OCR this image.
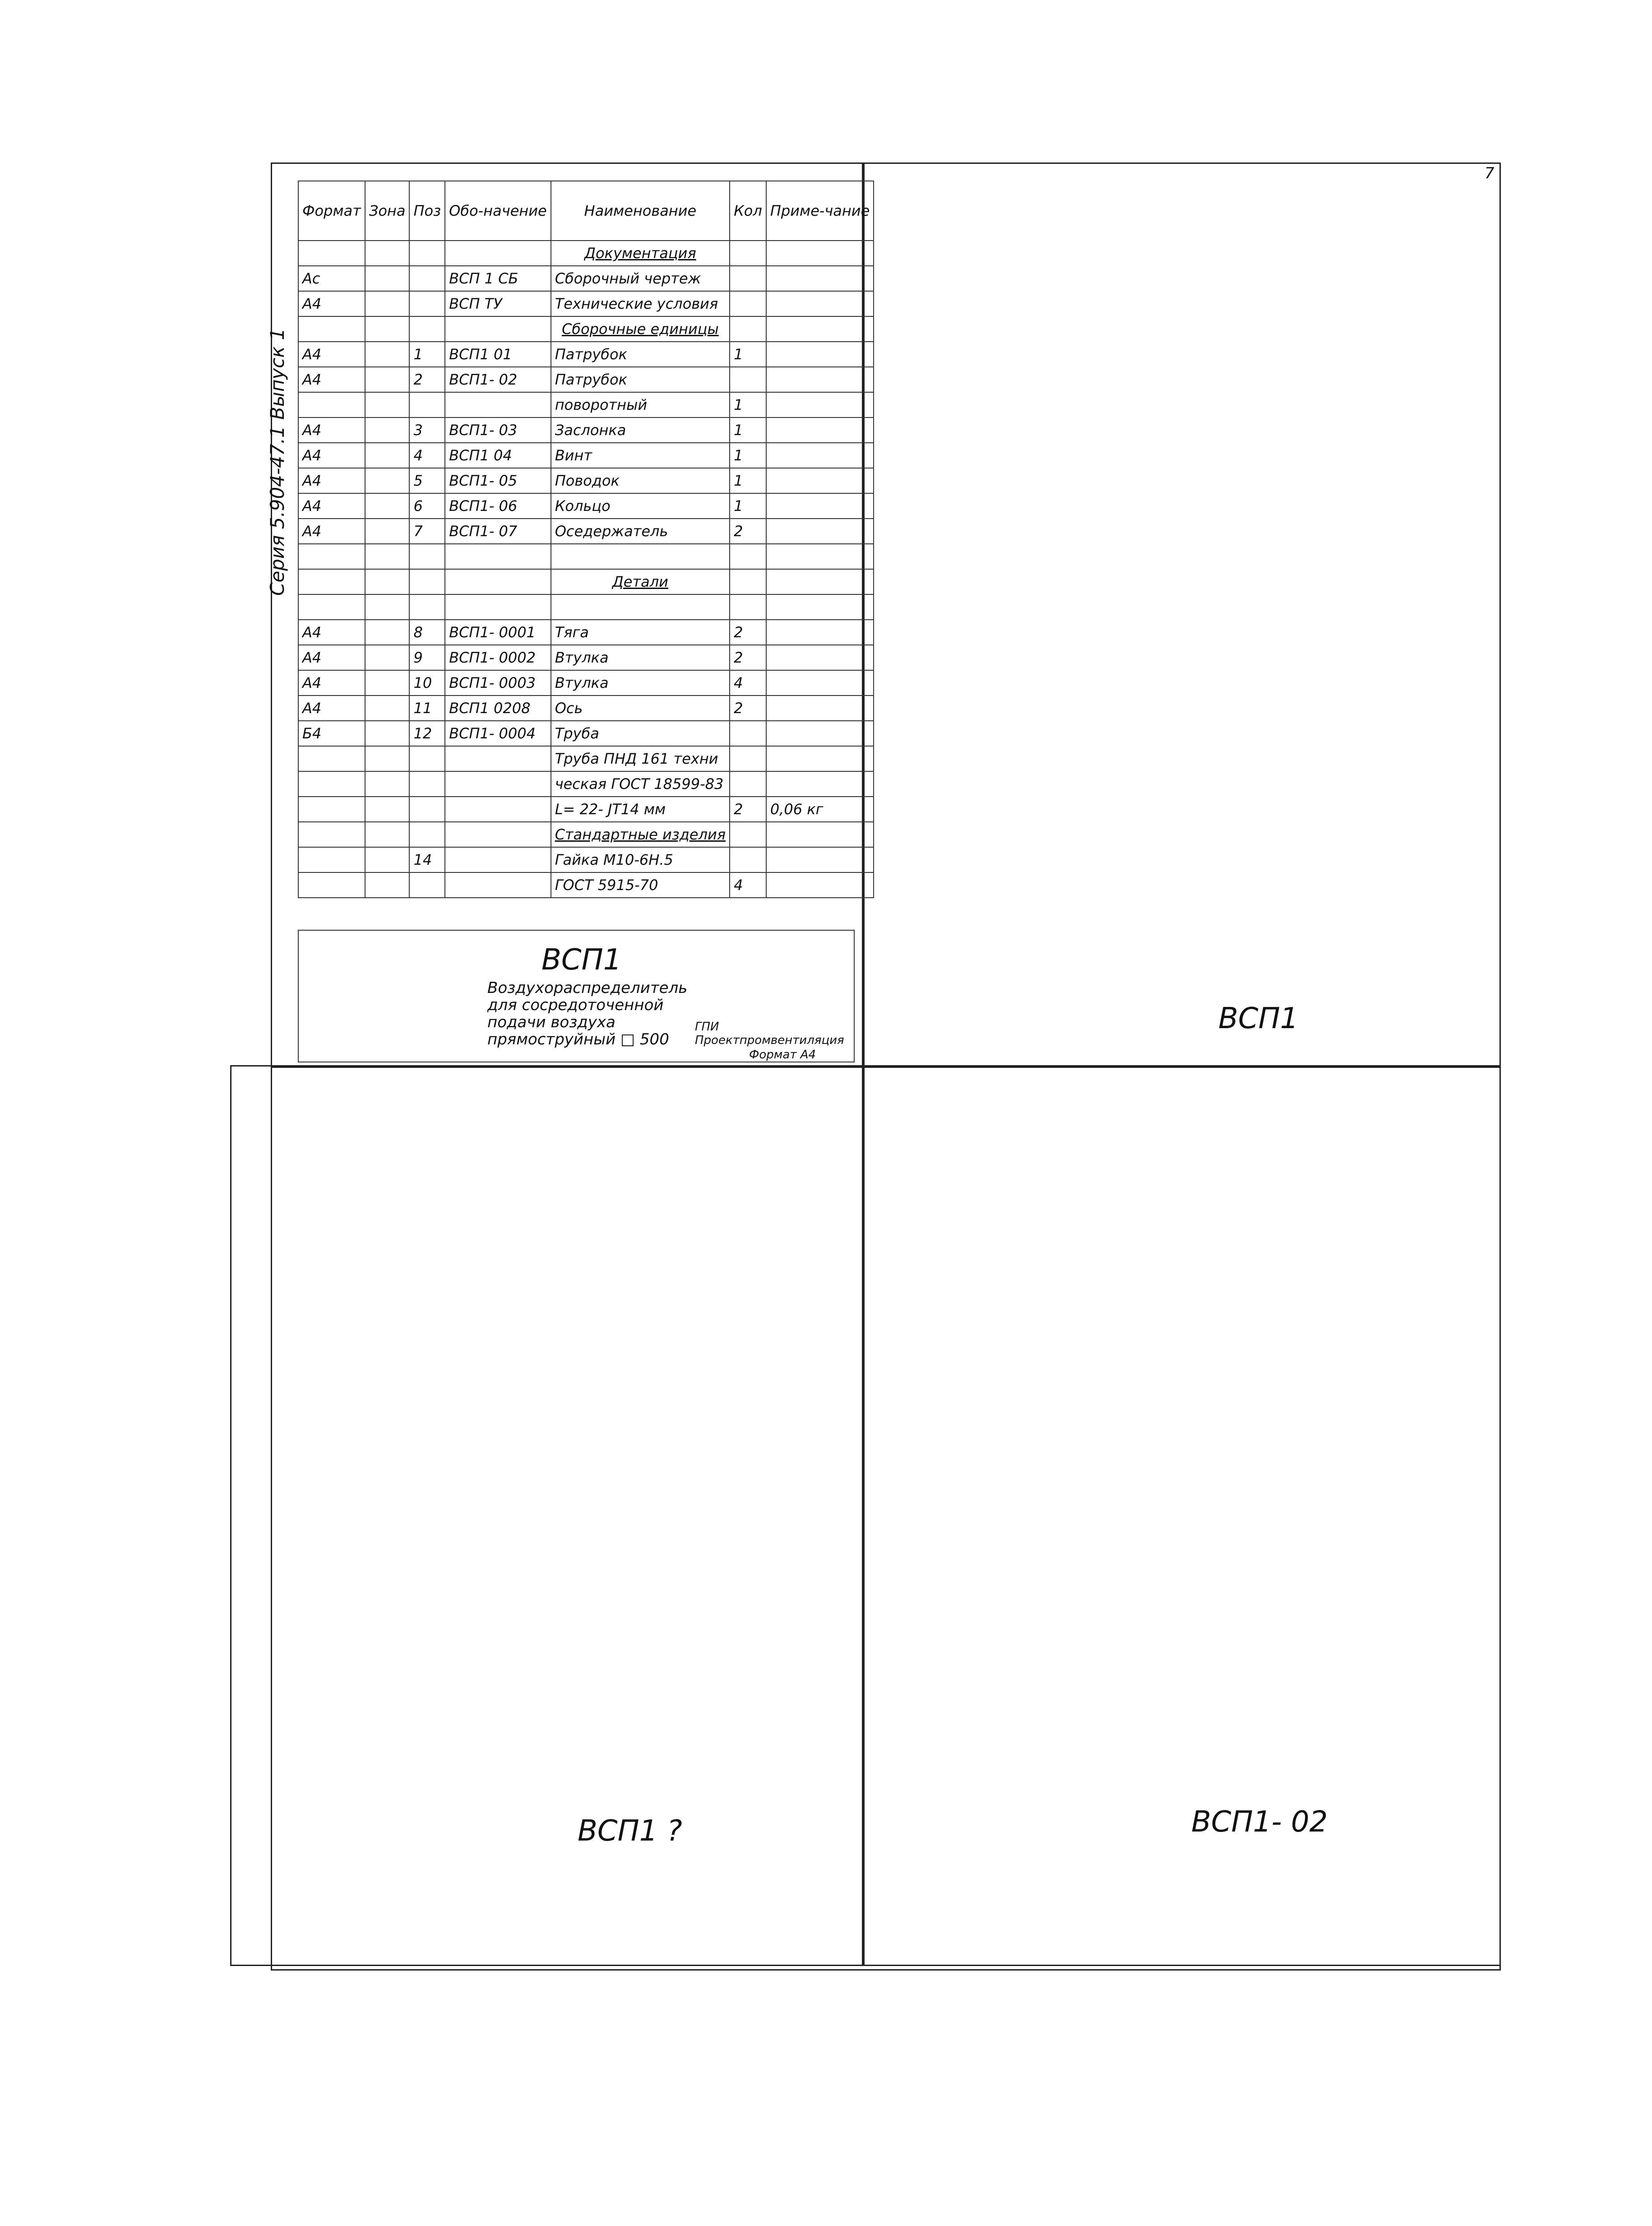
7
Серия 5.904-47.1 Выпуск 1
Формат	Зона	Поз	Обо-начение	Наименование	Кол	Приме-чание
				Документация		
Ас			ВСП 1 СБ	Сборочный чертеж		
А4			ВСП ТУ	Технические условия		
				Сборочные единицы		
А4		1	ВСП1 01	Патрубок	1	
А4		2	ВСП1- 02	Патрубок		
				поворотный	1	
А4		3	ВСП1- 03	Заслонка	1	
А4		4	ВСП1 04	Винт	1	
А4		5	ВСП1- 05	Поводок	1	
А4		6	ВСП1- 06	Кольцо	1	
А4		7	ВСП1- 07	Оседержатель	2	

				Детали		

А4		8	ВСП1- 0001	Тяга	2	
А4		9	ВСП1- 0002	Втулка	2	
А4		10	ВСП1- 0003	Втулка	4	
А4		11	ВСП1 0208	Ось	2	
Б4		12	ВСП1- 0004	Труба		
				Труба ПНД 161 техни		
				ческая ГОСТ 18599-83		
				L= 22- JT14 мм	2	0,06 кг
				Стандартные изделия		
		14		Гайка М10-6Н.5		
				ГОСТ 5915-70	4	
ВСП1
Воздухораспределитель для сосредоточенной подачи воздуха прямоструйный □ 500
ГПИ Проектпромвентиляция
Формат А4
ВСП1
ВСП1 ?	ВСП1- 02
